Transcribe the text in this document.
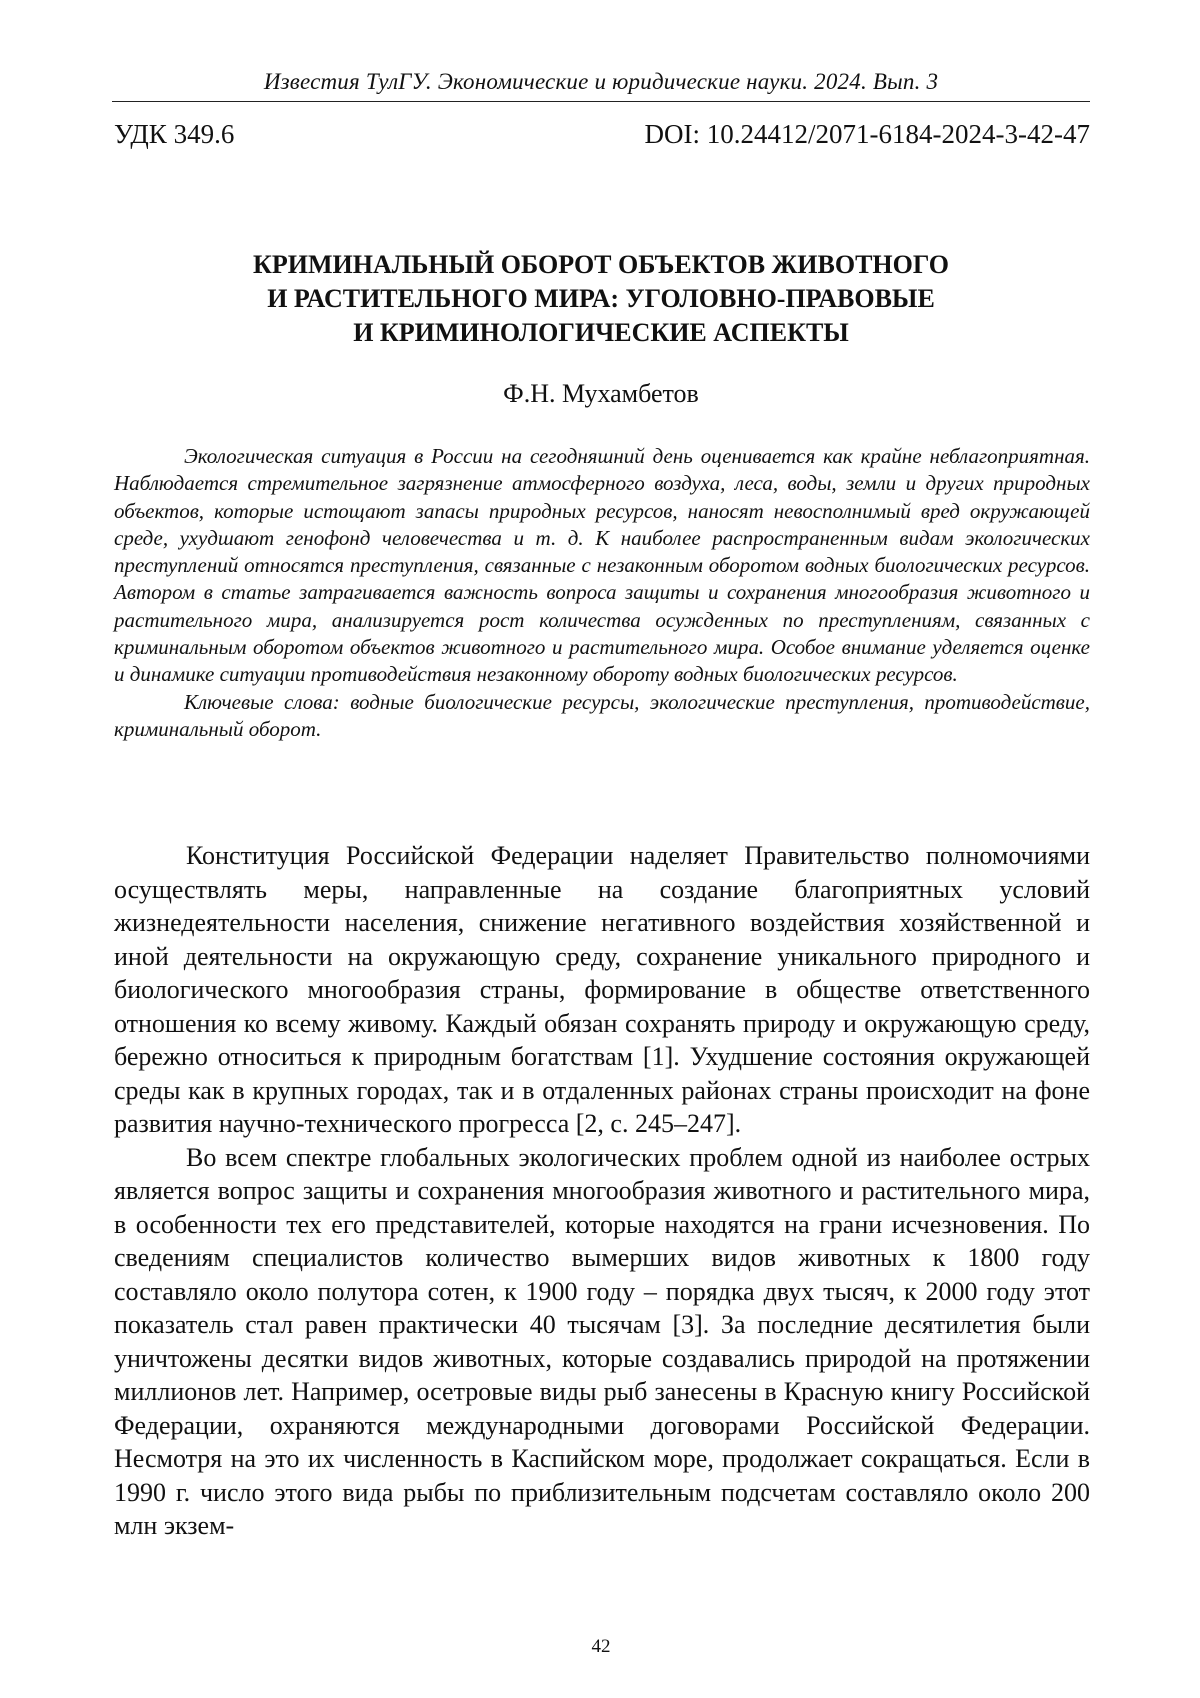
Известия ТулГУ. Экономические и юридические науки. 2024. Вып. 3
УДК 349.6	DOI: 10.24412/2071-6184-2024-3-42-47
КРИМИНАЛЬНЫЙ ОБОРОТ ОБЪЕКТОВ ЖИВОТНОГО
И РАСТИТЕЛЬНОГО МИРА: УГОЛОВНО-ПРАВОВЫЕ
И КРИМИНОЛОГИЧЕСКИЕ АСПЕКТЫ
Ф.Н. Мухамбетов

Экологическая ситуация в России на сегодняшний день оценивается как крайне неблагоприятная. Наблюдается стремительное загрязнение атмосферного воздуха, леса, воды, земли и других природных объектов, которые истощают запасы природных ресурсов, наносят невосполнимый вред окружающей среде, ухудшают генофонд человечества и т. д. К наиболее распространенным видам экологических преступлений относятся преступления, связанные с незаконным оборотом водных биологических ресурсов. Автором в статье затрагивается важность вопроса защиты и сохранения многообразия животного и растительного мира, анализируется рост количества осужденных по преступлениям, связанных с криминальным оборотом объектов животного и растительного мира. Особое внимание уделяется оценке и динамике ситуации противодействия незаконному обороту водных биологических ресурсов.

Ключевые слова: водные биологические ресурсы, экологические преступления, противодействие, криминальный оборот.

Конституция Российской Федерации наделяет Правительство полномочиями осуществлять меры, направленные на создание благоприятных условий жизнедеятельности населения, снижение негативного воздействия хозяйственной и иной деятельности на окружающую среду, сохранение уникального природного и биологического многообразия страны, формирование в обществе ответственного отношения ко всему живому. Каждый обязан сохранять природу и окружающую среду, бережно относиться к природным богатствам [1]. Ухудшение состояния окружающей среды как в крупных городах, так и в отдаленных районах страны происходит на фоне развития научно-технического прогресса [2, с. 245–247].

Во всем спектре глобальных экологических проблем одной из наиболее острых является вопрос защиты и сохранения многообразия животного и растительного мира, в особенности тех его представителей, которые находятся на грани исчезновения. По сведениям специалистов количество вымерших видов животных к 1800 году составляло около полутора сотен, к 1900 году – порядка двух тысяч, к 2000 году этот показатель стал равен практически 40 тысячам [3]. За последние десятилетия были уничтожены десятки видов животных, которые создавались природой на протяжении миллионов лет. Например, осетровые виды рыб занесены в Красную книгу Российской Федерации, охраняются международными договорами Российской Федерации. Несмотря на это их численность в Каспийском море, продолжает сокращаться. Если в 1990 г. число этого вида рыбы по приблизительным подсчетам составляло около 200 млн экзем-

42
